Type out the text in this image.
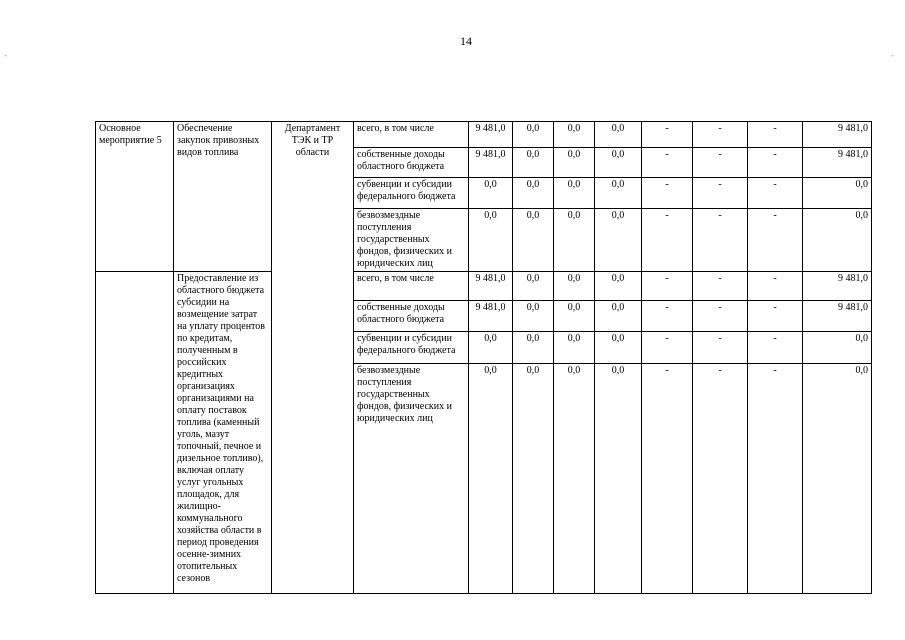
14
-	-
Основное мероприятие 5	Обеспечение закупок привозных видов топлива	Департамент ТЭК и ТР области	всего, в том числе	9 481,0	0,0	0,0	0,0	-	-	-	9 481,0
			собственные доходы областного бюджета	9 481,0	0,0	0,0	0,0	-	-	-	9 481,0
			субвенции и субсидии федерального бюджета	0,0	0,0	0,0	0,0	-	-	-	0,0
			безвозмездные поступления государственных фондов, физических и юридических лиц	0,0	0,0	0,0	0,0	-	-	-	0,0
	Предоставление из областного бюджета субсидии на возмещение затрат на уплату процентов по кредитам, полученным в российских кредитных организациях организациями на оплату поставок топлива (каменный уголь, мазут топочный, печное и дизельное топливо), включая оплату услуг угольных площадок, для жилищно-коммунального хозяйства области в период проведения осенне-зимних отопительных сезонов		всего, в том числе	9 481,0	0,0	0,0	0,0	-	-	-	9 481,0
			собственные доходы областного бюджета	9 481,0	0,0	0,0	0,0	-	-	-	9 481,0
			субвенции и субсидии федерального бюджета	0,0	0,0	0,0	0,0	-	-	-	0,0
			безвозмездные поступления государственных фондов, физических и юридических лиц	0,0	0,0	0,0	0,0	-	-	-	0,0
